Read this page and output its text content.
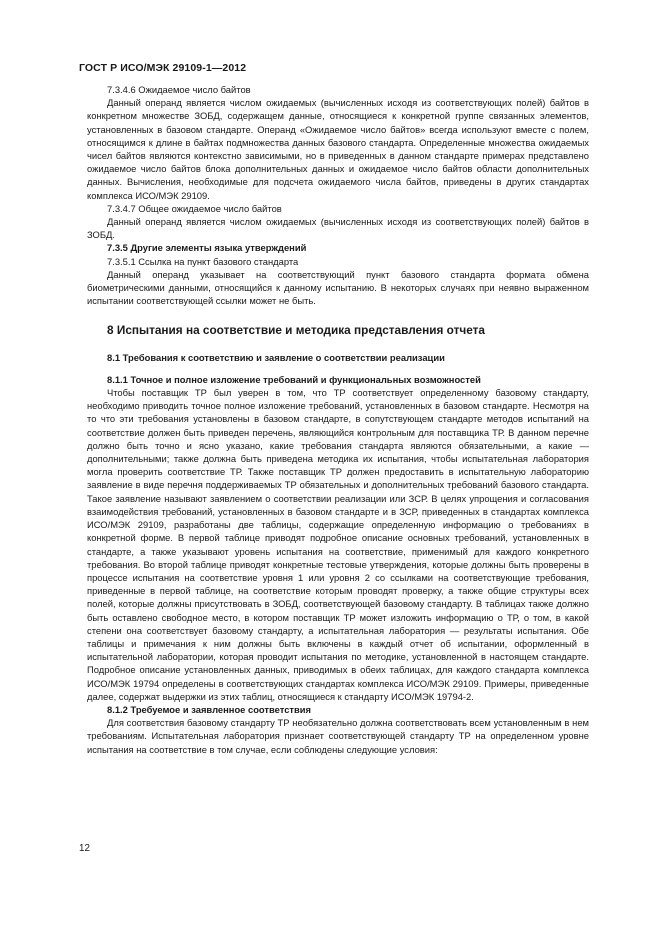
ГОСТ Р ИСО/МЭК 29109-1—2012
7.3.4.6 Ожидаемое число байтов
Данный операнд является числом ожидаемых (вычисленных исходя из соответствующих полей) байтов в конкретном множестве ЗОБД, содержащем данные, относящиеся к конкретной группе связанных элементов, установленных в базовом стандарте. Операнд «Ожидаемое число байтов» всегда используют вместе с полем, относящимся к длине в байтах подмножества данных базового стандарта. Определенные множества ожидаемых чисел байтов являются контекстно зависимыми, но в приведенных в данном стандарте примерах представлено ожидаемое число байтов блока дополнительных данных и ожидаемое число байтов области дополнительных данных. Вычисления, необходимые для подсчета ожидаемого числа байтов, приведены в других стандартах комплекса ИСО/МЭК 29109.
7.3.4.7 Общее ожидаемое число байтов
Данный операнд является числом ожидаемых (вычисленных исходя из соответствующих полей) байтов в ЗОБД.
7.3.5 Другие элементы языка утверждений
7.3.5.1 Ссылка на пункт базового стандарта
Данный операнд указывает на соответствующий пункт базового стандарта формата обмена биометрическими данными, относящийся к данному испытанию. В некоторых случаях при неявно выраженном испытании соответствующей ссылки может не быть.
8 Испытания на соответствие и методика представления отчета
8.1 Требования к соответствию и заявление о соответствии реализации
8.1.1 Точное и полное изложение требований и функциональных возможностей
Чтобы поставщик ТР был уверен в том, что ТР соответствует определенному базовому стандарту, необходимо приводить точное полное изложение требований, установленных в базовом стандарте. Несмотря на то что эти требования установлены в базовом стандарте, в сопутствующем стандарте методов испытаний на соответствие должен быть приведен перечень, являющийся контрольным для поставщика ТР. В данном перечне должно быть точно и ясно указано, какие требования стандарта являются обязательными, а какие — дополнительными; также должна быть приведена методика их испытания, чтобы испытательная лаборатория могла проверить соответствие ТР. Также поставщик ТР должен предоставить в испытательную лабораторию заявление в виде перечня поддерживаемых ТР обязательных и дополнительных требований базового стандарта. Такое заявление называют заявлением о соответствии реализации или ЗСР. В целях упрощения и согласования взаимодействия требований, установленных в базовом стандарте и в ЗСР, приведенных в стандартах комплекса ИСО/МЭК 29109, разработаны две таблицы, содержащие определенную информацию о требованиях в конкретной форме. В первой таблице приводят подробное описание основных требований, установленных в стандарте, а также указывают уровень испытания на соответствие, применимый для каждого конкретного требования. Во второй таблице приводят конкретные тестовые утверждения, которые должны быть проверены в процессе испытания на соответствие уровня 1 или уровня 2 со ссылками на соответствующие требования, приведенные в первой таблице, на соответствие которым проводят проверку, а также общие структуры всех полей, которые должны присутствовать в ЗОБД, соответствующей базовому стандарту. В таблицах также должно быть оставлено свободное место, в котором поставщик ТР может изложить информацию о ТР, о том, в какой степени она соответствует базовому стандарту, а испытательная лаборатория — результаты испытания. Обе таблицы и примечания к ним должны быть включены в каждый отчет об испытании, оформленный в испытательной лаборатории, которая проводит испытания по методике, установленной в настоящем стандарте. Подробное описание установленных данных, приводимых в обеих таблицах, для каждого стандарта комплекса ИСО/МЭК 19794 определены в соответствующих стандартах комплекса ИСО/МЭК 29109. Примеры, приведенные далее, содержат выдержки из этих таблиц, относящиеся к стандарту ИСО/МЭК 19794-2.
8.1.2 Требуемое и заявленное соответствия
Для соответствия базовому стандарту ТР необязательно должна соответствовать всем установленным в нем требованиям. Испытательная лаборатория признает соответствующей стандарту ТР на определенном уровне испытания на соответствие в том случае, если соблюдены следующие условия:
12
